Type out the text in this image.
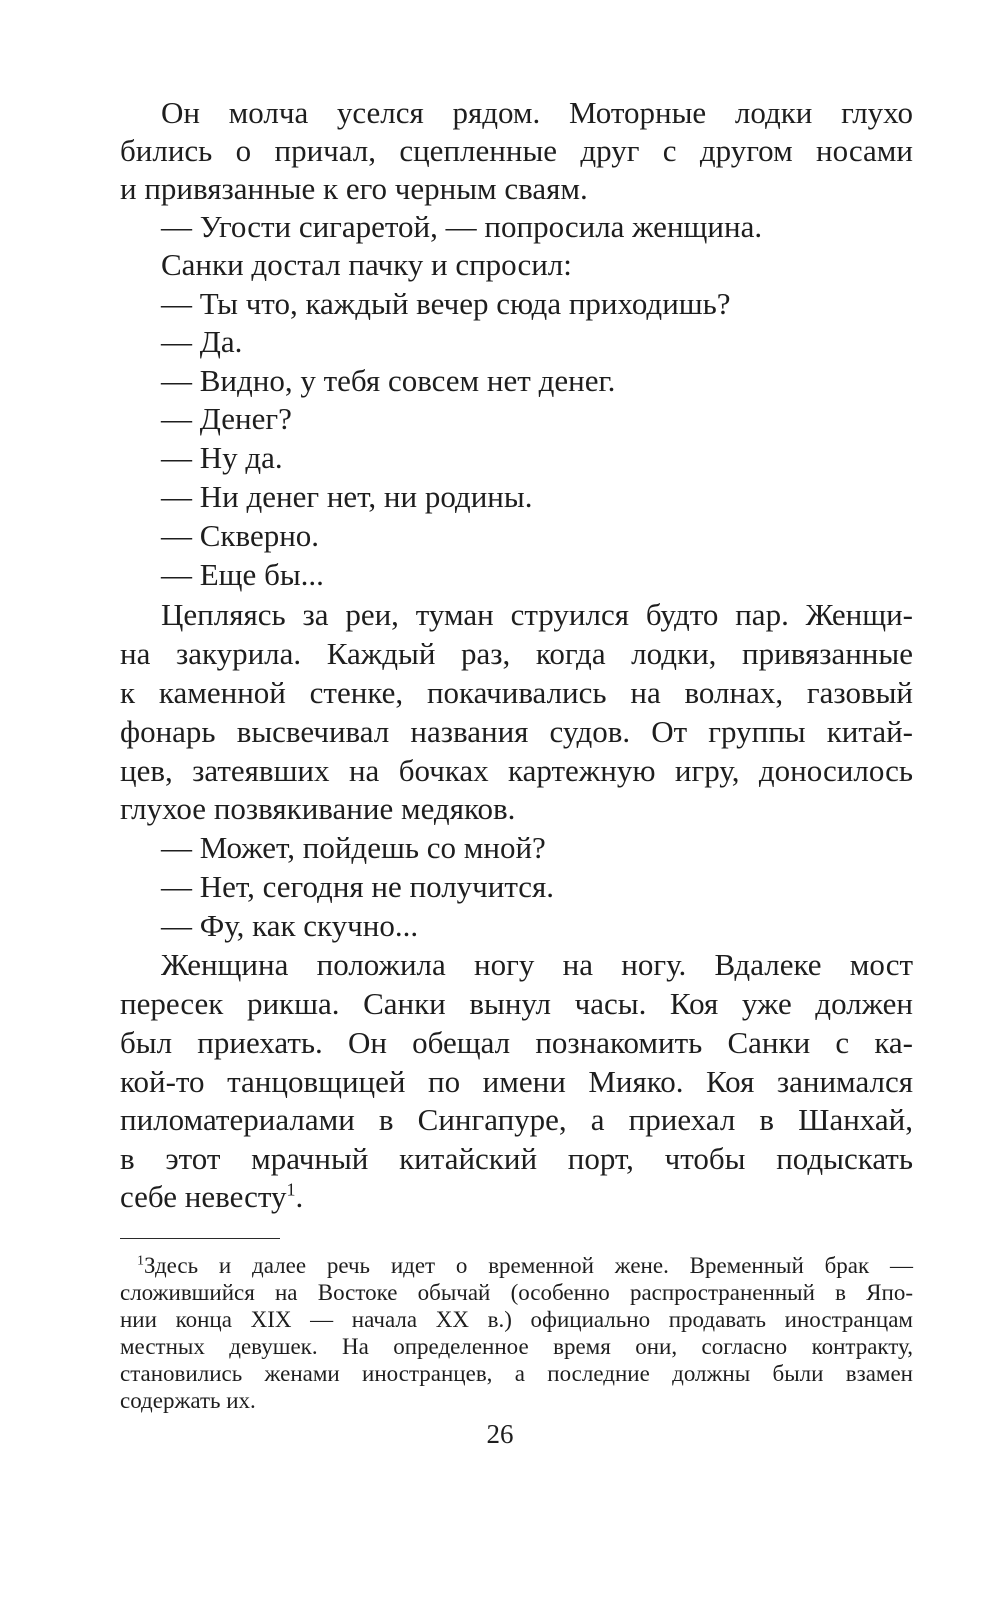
Он молча уселся рядом. Моторные лодки глухо

бились о причал, сцепленные друг с другом носами

и привязанные к его черным сваям.

— Угости сигаретой, — попросила женщина.

Санки достал пачку и спросил:

— Ты что, каждый вечер сюда приходишь?

— Да.

— Видно, у тебя совсем нет денег.

— Денег?

— Ну да.

— Ни денег нет, ни родины.

— Скверно.

— Еще бы...

Цепляясь за реи, туман струился будто пар. Женщи-

на закурила. Каждый раз, когда лодки, привязанные

к каменной стенке, покачивались на волнах, газовый

фонарь высвечивал названия судов. От группы китай-

цев, затеявших на бочках картежную игру, доносилось

глухое позвякивание медяков.

— Может, пойдешь со мной?

— Нет, сегодня не получится.

— Фу, как скучно...

Женщина положила ногу на ногу. Вдалеке мост

пересек рикша. Санки вынул часы. Коя уже должен

был приехать. Он обещал познакомить Санки с ка-

кой-то танцовщицей по имени Мияко. Коя занимался

пиломатериалами в Сингапуре, а приехал в Шанхай,

в этот мрачный китайский порт, чтобы подыскать

себе невесту$^1$.

$^1$Здесь и далее речь идет о временной жене. Временный брак —

сложившийся на Востоке обычай (особенно распространенный в Япо-

нии конца XIX — начала XX в.) официально продавать иностранцам

местных девушек. На определенное время они, согласно контракту,

становились женами иностранцев, а последние должны были взамен

содержать их.

26
